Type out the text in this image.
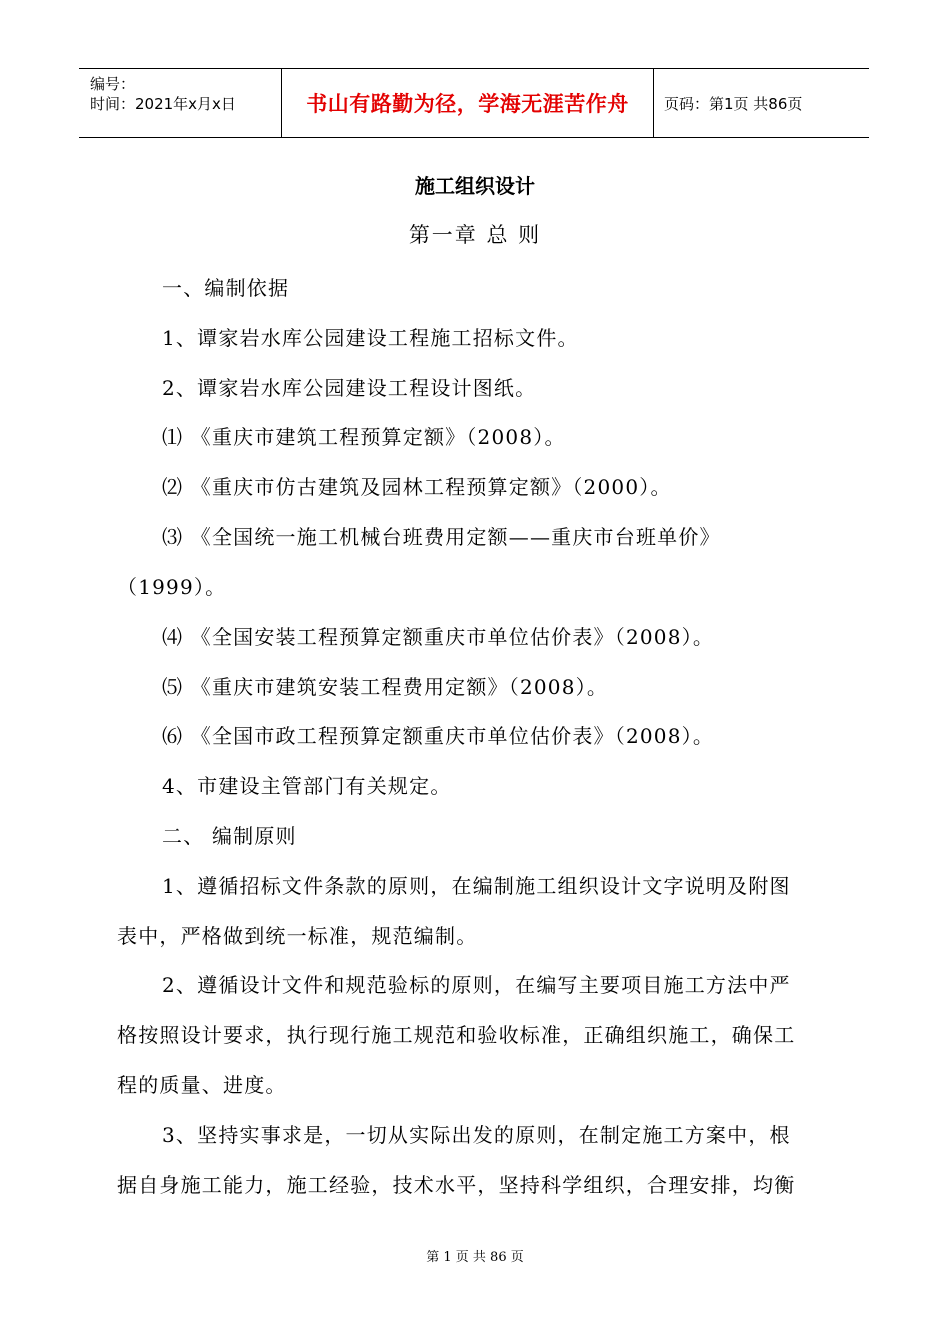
编号：
时间：2021年x月x日	书山有路勤为径，学海无涯苦作舟 页码：第1页 共86页
施工组织设计
第一章 总 则
一、编制依据
1、谭家岩水库公园建设工程施工招标文件。
2、谭家岩水库公园建设工程设计图纸。
⑴ 《重庆市建筑工程预算定额》（2008）。
⑵ 《重庆市仿古建筑及园林工程预算定额》（2000）。
⑶ 《全国统一施工机械台班费用定额——重庆市台班单价》
（1999）。
⑷ 《全国安装工程预算定额重庆市单位估价表》（2008）。
⑸ 《重庆市建筑安装工程费用定额》（2008）。
⑹ 《全国市政工程预算定额重庆市单位估价表》（2008）。
4、市建设主管部门有关规定。
二、 编制原则
1、遵循招标文件条款的原则，在编制施工组织设计文字说明及附图
表中，严格做到统一标准，规范编制。
2、遵循设计文件和规范验标的原则，在编写主要项目施工方法中严
格按照设计要求，执行现行施工规范和验收标准，正确组织施工，确保工
程的质量、进度。
3、坚持实事求是，一切从实际出发的原则，在制定施工方案中，根
据自身施工能力，施工经验，技术水平，坚持科学组织，合理安排，均衡
第 1 页 共 86 页
